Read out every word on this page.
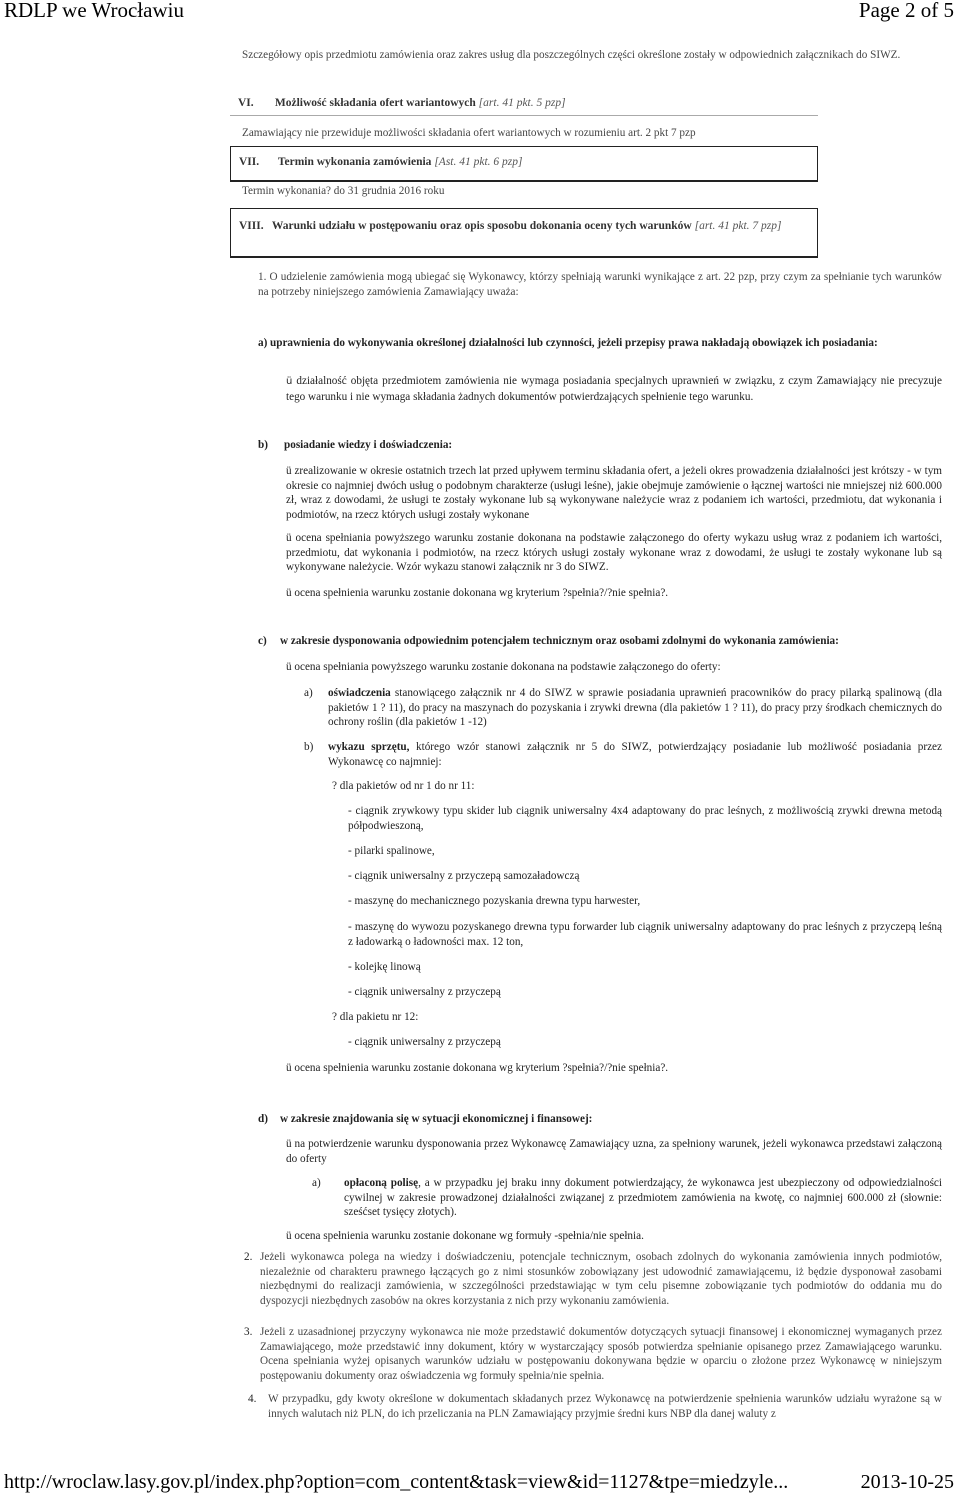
RDLP we Wrocławiu	Page 2 of 5

Szczegółowy opis przedmiotu zamówienia oraz zakres usług dla poszczególnych części określone zostały w odpowiednich załącznikach do SIWZ.

VI. Możliwość składania ofert wariantowych [art. 41 pkt. 5 pzp]

Zamawiający nie przewiduje możliwości składania ofert wariantowych w rozumieniu art. 2 pkt 7 pzp

VII. Termin wykonania zamówienia [Ast. 41 pkt. 6 pzp]

Termin wykonania? do 31 grudnia 2016 roku

VIII. Warunki udziału w postępowaniu oraz opis sposobu dokonania oceny tych warunków [art. 41 pkt. 7 pzp]

1. O udzielenie zamówienia mogą ubiegać się Wykonawcy, którzy spełniają warunki wynikające z art. 22 pzp, przy czym za spełnianie tych warunków na potrzeby niniejszego zamówienia Zamawiający uważa:

a) uprawnienia do wykonywania określonej działalności lub czynności, jeżeli przepisy prawa nakładają obowiązek ich posiadania:

ü działalność objęta przedmiotem zamówienia nie wymaga posiadania specjalnych uprawnień w związku, z czym Zamawiający nie precyzuje tego warunku i nie wymaga składania żadnych dokumentów potwierdzających spełnienie tego warunku.

b) posiadanie wiedzy i doświadczenia:

ü zrealizowanie w okresie ostatnich trzech lat przed upływem terminu składania ofert, a jeżeli okres prowadzenia działalności jest krótszy - w tym okresie co najmniej dwóch usług o podobnym charakterze (usługi leśne), jakie obejmuje zamówienie o łącznej wartości nie mniejszej niż 600.000 zł, wraz z dowodami, że usługi te zostały wykonane lub są wykonywane należycie wraz z podaniem ich wartości, przedmiotu, dat wykonania i podmiotów, na rzecz których usługi zostały wykonane

ü ocena spełniania powyższego warunku zostanie dokonana na podstawie załączonego do oferty wykazu usług wraz z podaniem ich wartości, przedmiotu, dat wykonania i podmiotów, na rzecz których usługi zostały wykonane wraz z dowodami, że usługi te zostały wykonane lub są wykonywane należycie. Wzór wykazu stanowi załącznik nr 3 do SIWZ.

ü ocena spełnienia warunku zostanie dokonana wg kryterium ?spełnia?/?nie spełnia?.

c) w zakresie dysponowania odpowiednim potencjałem technicznym oraz osobami zdolnymi do wykonania zamówienia:

ü ocena spełniania powyższego warunku zostanie dokonana na podstawie załączonego do oferty:

a) oświadczenia stanowiącego załącznik nr 4 do SIWZ w sprawie posiadania uprawnień pracowników do pracy pilarką spalinową (dla pakietów 1 ? 11), do pracy na maszynach do pozyskania i zrywki drewna (dla pakietów 1 ? 11), do pracy przy środkach chemicznych do ochrony roślin (dla pakietów 1 -12)

b) wykazu sprzętu, którego wzór stanowi załącznik nr 5 do SIWZ, potwierdzający posiadanie lub możliwość posiadania przez Wykonawcę co najmniej:

? dla pakietów od nr 1 do nr 11:

- ciągnik zrywkowy typu skider lub ciągnik uniwersalny 4x4 adaptowany do prac leśnych, z możliwością zrywki drewna metodą półpodwieszoną,

- pilarki spalinowe,

- ciągnik uniwersalny z przyczepą samozaładowczą

- maszynę do mechanicznego pozyskania drewna typu harwester,

- maszynę do wywozu pozyskanego drewna typu forwarder lub ciągnik uniwersalny adaptowany do prac leśnych z przyczepą leśną z ładowarką o ładowności max. 12 ton,

- kolejkę linową

- ciągnik uniwersalny z przyczepą

? dla pakietu nr 12:

- ciągnik uniwersalny z przyczepą

ü ocena spełnienia warunku zostanie dokonana wg kryterium ?spełnia?/?nie spełnia?.

d) w zakresie znajdowania się w sytuacji ekonomicznej i finansowej:

ü na potwierdzenie warunku dysponowania przez Wykonawcę Zamawiający uzna, za spełniony warunek, jeżeli wykonawca przedstawi załączoną do oferty

a) opłaconą polisę, a w przypadku jej braku inny dokument potwierdzający, że wykonawca jest ubezpieczony od odpowiedzialności cywilnej w zakresie prowadzonej działalności związanej z przedmiotem zamówienia na kwotę, co najmniej 600.000 zł (słownie: sześćset tysięcy złotych).

ü ocena spełnienia warunku zostanie dokonane wg formuły -spełnia/nie spełnia.

2. Jeżeli wykonawca polega na wiedzy i doświadczeniu, potencjale technicznym, osobach zdolnych do wykonania zamówienia innych podmiotów, niezależnie od charakteru prawnego łączących go z nimi stosunków zobowiązany jest udowodnić zamawiającemu, iż będzie dysponował zasobami niezbędnymi do realizacji zamówienia, w szczególności przedstawiając w tym celu pisemne zobowiązanie tych podmiotów do oddania mu do dyspozycji niezbędnych zasobów na okres korzystania z nich przy wykonaniu zamówienia.

3. Jeżeli z uzasadnionej przyczyny wykonawca nie może przedstawić dokumentów dotyczących sytuacji finansowej i ekonomicznej wymaganych przez Zamawiającego, może przedstawić inny dokument, który w wystarczający sposób potwierdza spełnianie opisanego przez Zamawiającego warunku. Ocena spełniania wyżej opisanych warunków udziału w postępowaniu dokonywana będzie w oparciu o złożone przez Wykonawcę w niniejszym postępowaniu dokumenty oraz oświadczenia wg formuły spełnia/nie spełnia.

4. W przypadku, gdy kwoty określone w dokumentach składanych przez Wykonawcę na potwierdzenie spełnienia warunków udziału wyrażone są w innych walutach niż PLN, do ich przeliczania na PLN Zamawiający przyjmie średni kurs NBP dla danej waluty z

http://wroclaw.lasy.gov.pl/index.php?option=com_content&task=view&id=1127&tpe=miedzyle...	2013-10-25
